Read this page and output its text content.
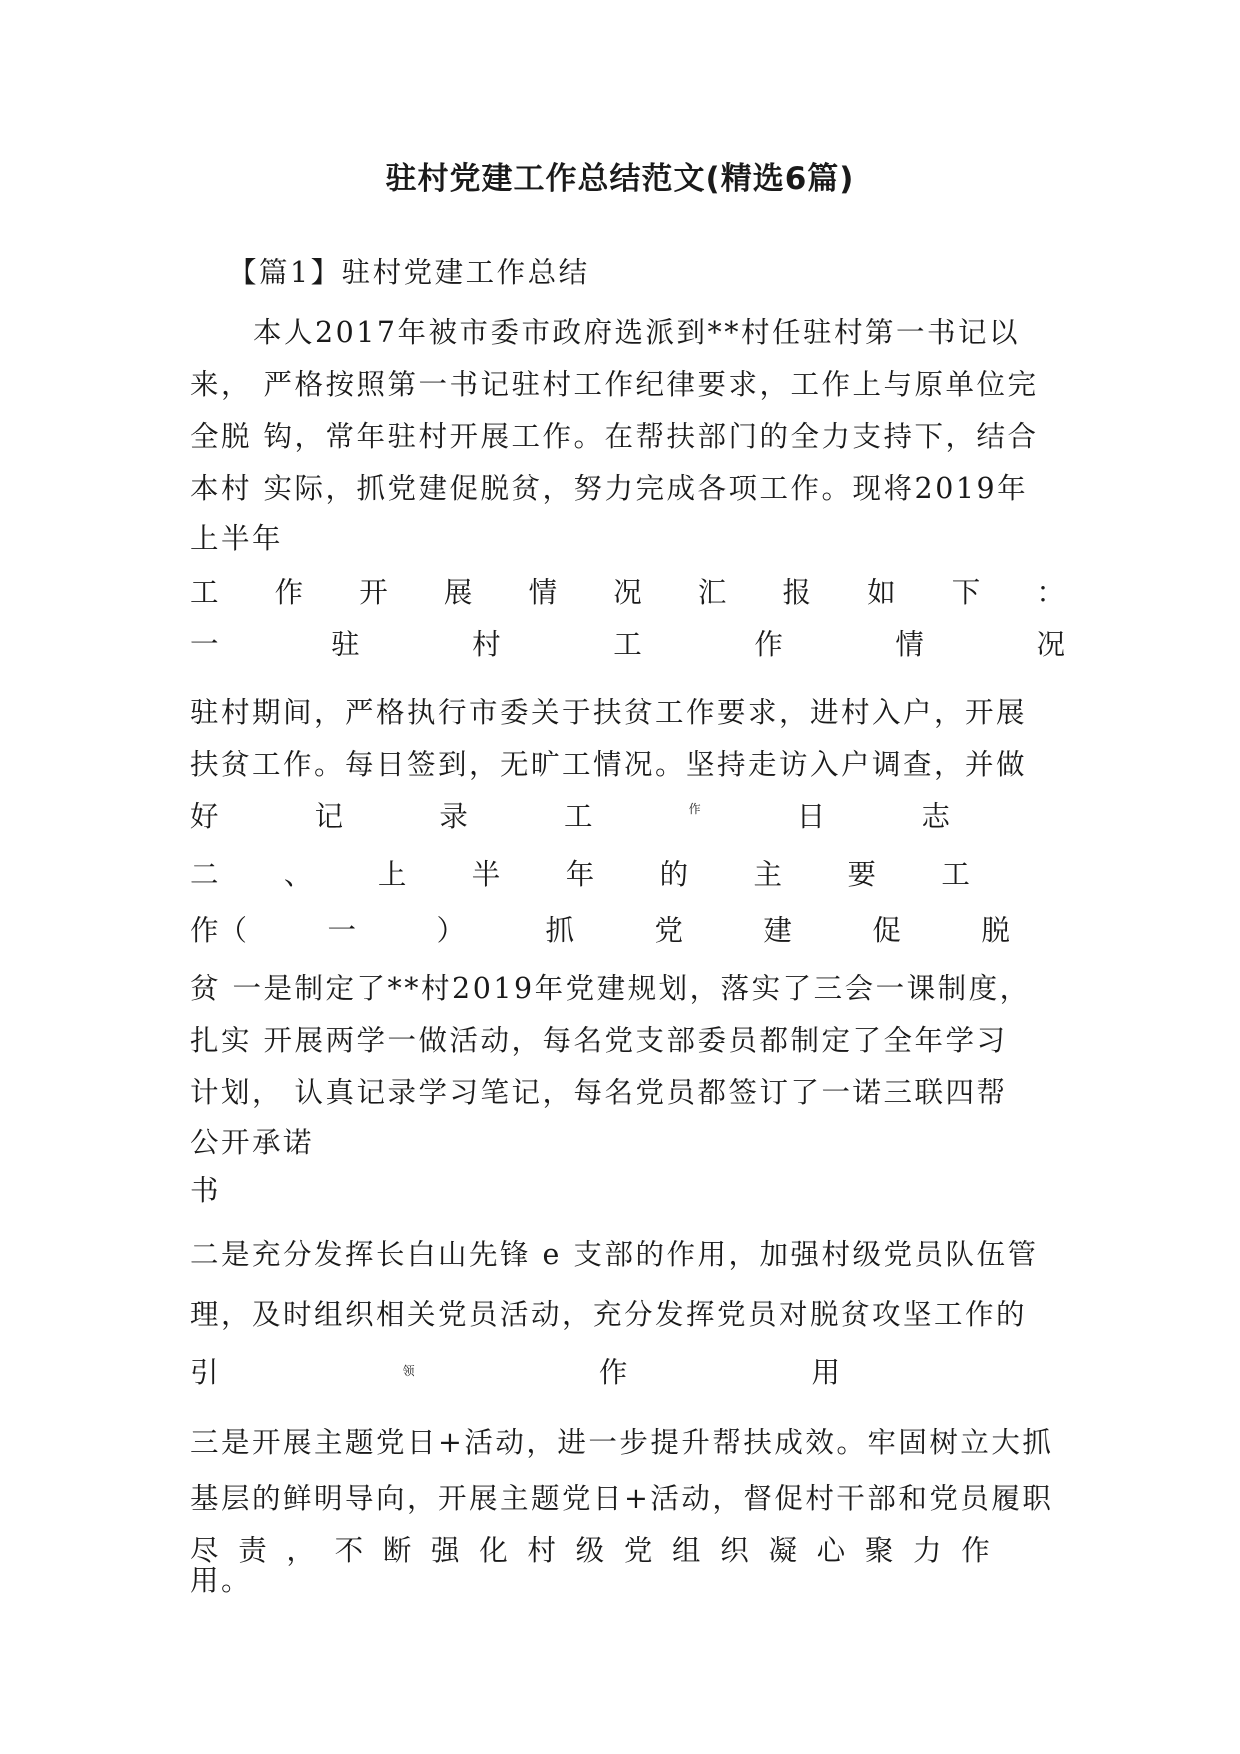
驻村党建工作总结范文(精选6篇)
【篇1】驻村党建工作总结
本人2017年被市委市政府选派到**村任驻村第一书记以
来， 严格按照第一书记驻村工作纪律要求，工作上与原单位完
全脱 钩，常年驻村开展工作。在帮扶部门的全力支持下，结合
本村 实际，抓党建促脱贫，努力完成各项工作。现将2019年
上半年
工 作 开 展 情 况 汇 报 如 下 ：
一	驻	村	工	作	情	况
驻村期间，严格执行市委关于扶贫工作要求，进村入户，开展
扶贫工作。每日签到，无旷工情况。坚持走访入户调查，并做
好	记	录	工	作	日	志
二 、 上 半 年 的 主 要 工
作（	一	）	抓	党	建	促	脱
贫 一是制定了**村2019年党建规划，落实了三会一课制度，
扎实 开展两学一做活动，每名党支部委员都制定了全年学习
计划， 认真记录学习笔记，每名党员都签订了一诺三联四帮
公开承诺
书
二是充分发挥长白山先锋 e 支部的作用，加强村级党员队伍管
理，及时组织相关党员活动，充分发挥党员对脱贫攻坚工作的
引	领	作	用
三是开展主题党日+活动，进一步提升帮扶成效。牢固树立大抓
基层的鲜明导向，开展主题党日+活动，督促村干部和党员履职
尽 责 ， 不 断 强 化 村 级 党 组 织 凝 心 聚 力 作
用。
